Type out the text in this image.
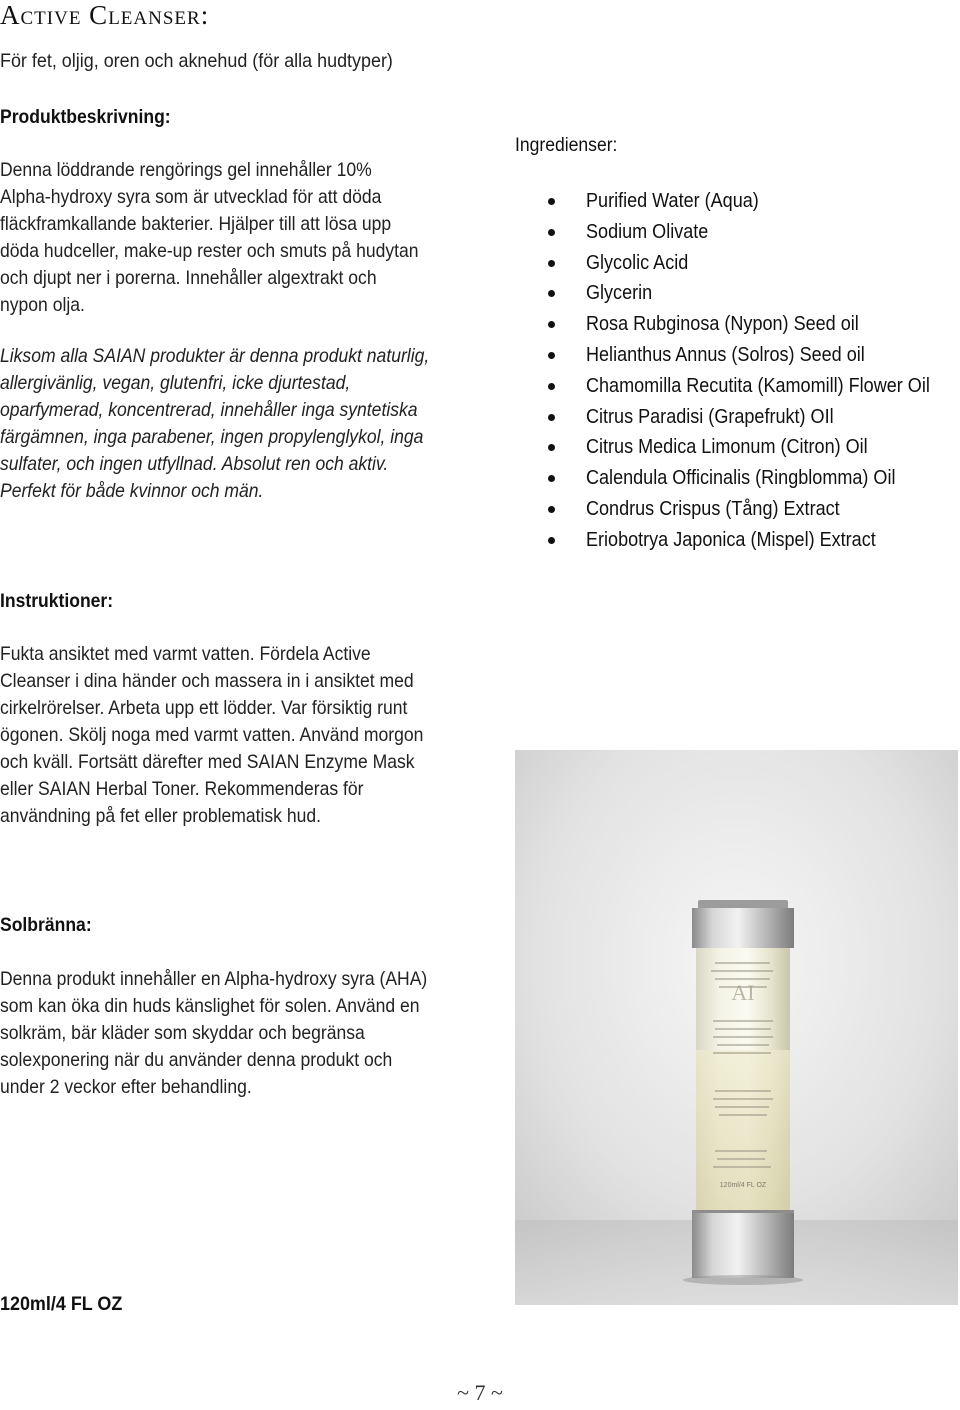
Active Cleanser:
För fet, oljig, oren och aknehud (för alla hudtyper)
Produktbeskrivning:

Denna löddrande rengörings gel innehåller 10% Alpha-hydroxy syra som är utvecklad för att döda fläckframkallande bakterier. Hjälper till att lösa upp döda hudceller, make-up rester och smuts på hudytan och djupt ner i porerna. Innehåller algextrakt och nypon olja.

Liksom alla SAIAN produkter är denna produkt naturlig, allergivänlig, vegan, glutenfri, icke djurtestad, oparfymerad, koncentrerad, innehåller inga syntetiska färgämnen, inga parabener, ingen propylenglykol, inga sulfater, och ingen utfyllnad. Absolut ren och aktiv. Perfekt för både kvinnor och män.

Ingredienser:
Purified Water (Aqua)
Sodium Olivate
Glycolic Acid
Glycerin
Rosa Rubginosa (Nypon) Seed oil
Helianthus Annus (Solros) Seed oil
Chamomilla Recutita (Kamomill) Flower Oil
Citrus Paradisi (Grapefrukt) OIl
Citrus Medica Limonum (Citron) Oil
Calendula Officinalis (Ringblomma) Oil
Condrus Crispus (Tång) Extract
Eriobotrya Japonica (Mispel) Extract
Instruktioner:

Fukta ansiktet med varmt vatten. Fördela Active Cleanser i dina händer och massera in i ansiktet med cirkelrörelser. Arbeta upp ett lödder. Var försiktig runt ögonen. Skölj noga med varmt vatten. Använd morgon och kväll. Fortsätt därefter med SAIAN Enzyme Mask eller SAIAN Herbal Toner. Rekommenderas för användning på fet eller problematisk hud.

Solbränna:

Denna produkt innehåller en Alpha-hydroxy syra (AHA) som kan öka din huds känslighet för solen. Använd en solkräm, bär kläder som skyddar och begränsa solexponering när du använder denna produkt och under 2 veckor efter behandling.

AI
120ml/4 FL OZ
120ml/4 FL OZ
~ 7 ~
